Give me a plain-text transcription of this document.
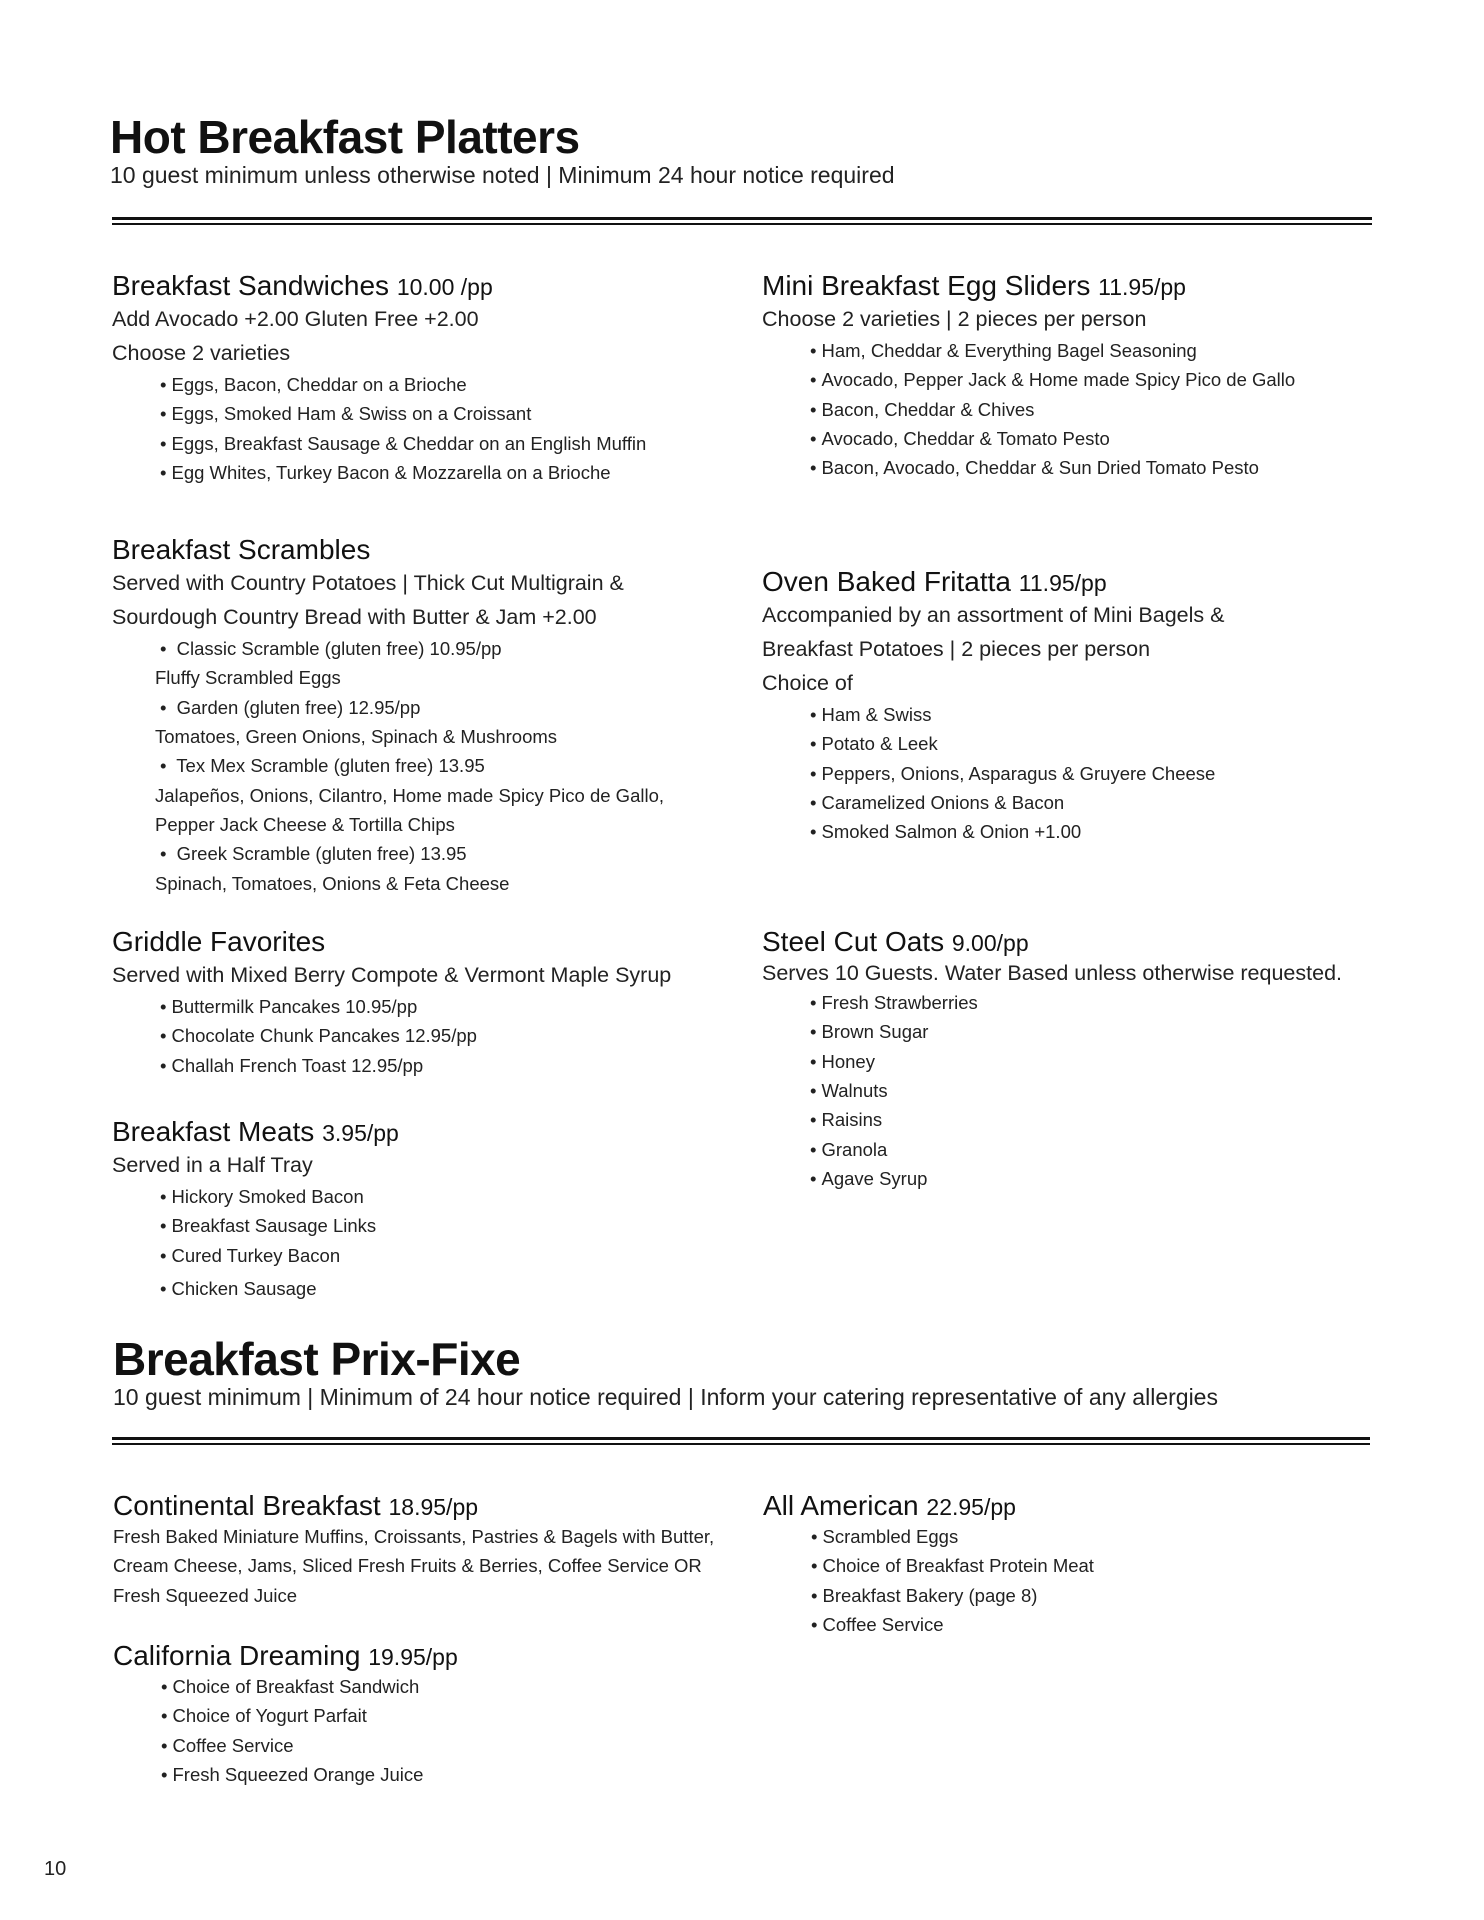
Hot Breakfast Platters
10 guest minimum unless otherwise noted | Minimum 24 hour notice required
Breakfast Sandwiches 10.00 /pp
Add Avocado +2.00 Gluten Free +2.00
Choose 2 varieties
• Eggs, Bacon, Cheddar on a Brioche
• Eggs, Smoked Ham & Swiss on a Croissant
• Eggs, Breakfast Sausage & Cheddar on an English Muffin
• Egg Whites, Turkey Bacon & Mozzarella on a Brioche
Breakfast Scrambles
Served with Country Potatoes | Thick Cut Multigrain &
Sourdough Country Bread with Butter & Jam +2.00
• Classic Scramble (gluten free) 10.95/pp
Fluffy Scrambled Eggs
• Garden (gluten free) 12.95/pp
Tomatoes, Green Onions, Spinach & Mushrooms
• Tex Mex Scramble (gluten free) 13.95
Jalapeños, Onions, Cilantro, Home made Spicy Pico de Gallo,
Pepper Jack Cheese & Tortilla Chips
• Greek Scramble (gluten free) 13.95
Spinach, Tomatoes, Onions & Feta Cheese
Griddle Favorites
Served with Mixed Berry Compote & Vermont Maple Syrup
• Buttermilk Pancakes 10.95/pp
• Chocolate Chunk Pancakes 12.95/pp
• Challah French Toast 12.95/pp
Breakfast Meats 3.95/pp
Served in a Half Tray
• Hickory Smoked Bacon
• Breakfast Sausage Links
• Cured Turkey Bacon
• Chicken Sausage
Mini Breakfast Egg Sliders 11.95/pp
Choose 2 varieties | 2 pieces per person
• Ham, Cheddar & Everything Bagel Seasoning
• Avocado, Pepper Jack & Home made Spicy Pico de Gallo
• Bacon, Cheddar & Chives
• Avocado, Cheddar & Tomato Pesto
• Bacon, Avocado, Cheddar & Sun Dried Tomato Pesto
Oven Baked Fritatta 11.95/pp
Accompanied by an assortment of Mini Bagels &
Breakfast Potatoes | 2 pieces per person
Choice of
• Ham & Swiss
• Potato & Leek
• Peppers, Onions, Asparagus & Gruyere Cheese
• Caramelized Onions & Bacon
• Smoked Salmon & Onion +1.00
Steel Cut Oats 9.00/pp
Serves 10 Guests. Water Based unless otherwise requested.
• Fresh Strawberries
• Brown Sugar
• Honey
• Walnuts
• Raisins
• Granola
• Agave Syrup
Breakfast Prix-Fixe
10 guest minimum | Minimum of 24 hour notice required | Inform your catering representative of any allergies
Continental Breakfast 18.95/pp
Fresh Baked Miniature Muffins, Croissants, Pastries & Bagels with Butter,
Cream Cheese, Jams, Sliced Fresh Fruits & Berries, Coffee Service OR
Fresh Squeezed Juice
California Dreaming 19.95/pp
• Choice of Breakfast Sandwich
• Choice of Yogurt Parfait
• Coffee Service
• Fresh Squeezed Orange Juice
All American 22.95/pp
• Scrambled Eggs
• Choice of Breakfast Protein Meat
• Breakfast Bakery (page 8)
• Coffee Service
10
